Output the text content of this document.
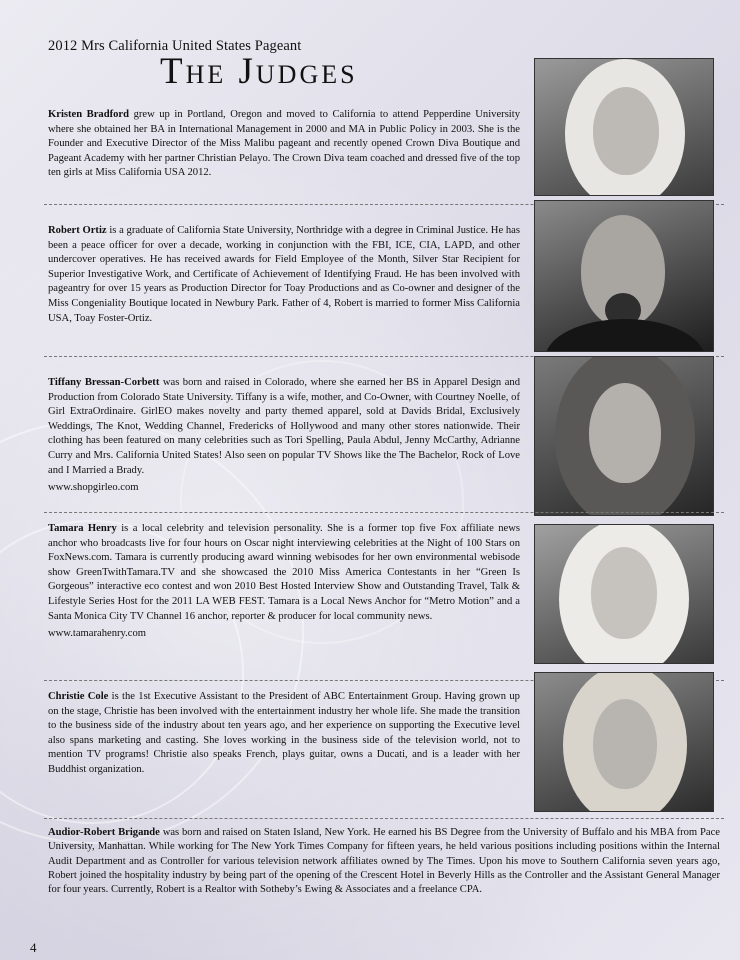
2012 Mrs California United States Pageant
The Judges
Kristen Bradford grew up in Portland, Oregon and moved to California to attend Pepperdine University where she obtained her BA in International Management in 2000 and MA in Public Policy in 2003. She is the Founder and Executive Director of the Miss Malibu pageant and recently opened Crown Diva Boutique and Pageant Academy with her partner Christian Pelayo. The Crown Diva team coached and dressed five of the top ten girls at Miss California USA 2012.
Robert Ortiz is a graduate of California State University, Northridge with a degree in Criminal Justice. He has been a peace officer for over a decade, working in conjunction with the FBI, ICE, CIA, LAPD, and other undercover operatives. He has received awards for Field Employee of the Month, Silver Star Recipient for Superior Investigative Work, and Certificate of Achievement of Identifying Fraud. He has been involved with pageantry for over 15 years as Production Director for Toay Productions and as Co-owner and designer of the Miss Congeniality Boutique located in Newbury Park. Father of 4, Robert is married to former Miss California USA, Toay Foster-Ortiz.
Tiffany Bressan-Corbett was born and raised in Colorado, where she earned her BS in Apparel Design and Production from Colorado State University. Tiffany is a wife, mother, and Co-Owner, with Courtney Noelle, of Girl ExtraOrdinaire. GirlEO makes novelty and party themed apparel, sold at Davids Bridal, Exclusively Weddings, The Knot, Wedding Channel, Fredericks of Hollywood and many other stores nationwide. Their clothing has been featured on many celebrities such as Tori Spelling, Paula Abdul, Jenny McCarthy, Adrianne Curry and Mrs. California United States! Also seen on popular TV Shows like the The Bachelor, Rock of Love and I Married a Brady.
www.shopgirleo.com
Tamara Henry is a local celebrity and television personality. She is a former top five Fox affiliate news anchor who broadcasts live for four hours on Oscar night interviewing celebrities at the Night of 100 Stars on FoxNews.com. Tamara is currently producing award winning webisodes for her own environmental webisode show GreenTwithTamara.TV and she showcased the 2010 Miss America Contestants in her “Green Is Gorgeous” interactive eco contest and won 2010 Best Hosted Interview Show and Outstanding Travel, Talk & Lifestyle Series Host for the 2011 LA WEB FEST. Tamara is a Local News Anchor for “Metro Motion” and a Santa Monica City TV Channel 16 anchor, reporter & producer for local community news.
www.tamarahenry.com
Christie Cole is the 1st Executive Assistant to the President of ABC Entertainment Group. Having grown up on the stage, Christie has been involved with the entertainment industry her whole life. She made the transition to the business side of the industry about ten years ago, and her experience on supporting the Executive level also spans marketing and casting. She loves working in the business side of the television world, not to mention TV programs! Christie also speaks French, plays guitar, owns a Ducati, and is a leader with her Buddhist organization.
Audior-Robert Brigande was born and raised on Staten Island, New York. He earned his BS Degree from the University of Buffalo and his MBA from Pace University, Manhattan. While working for The New York Times Company for fifteen years, he held various positions including positions within the Internal Audit Department and as Controller for various television network affiliates owned by The Times. Upon his move to Southern California seven years ago, Robert joined the hospitality industry by being part of the opening of the Crescent Hotel in Beverly Hills as the Controller and the Assistant General Manager for four years. Currently, Robert is a Realtor with Sotheby’s Ewing & Associates and a freelance CPA.
4
